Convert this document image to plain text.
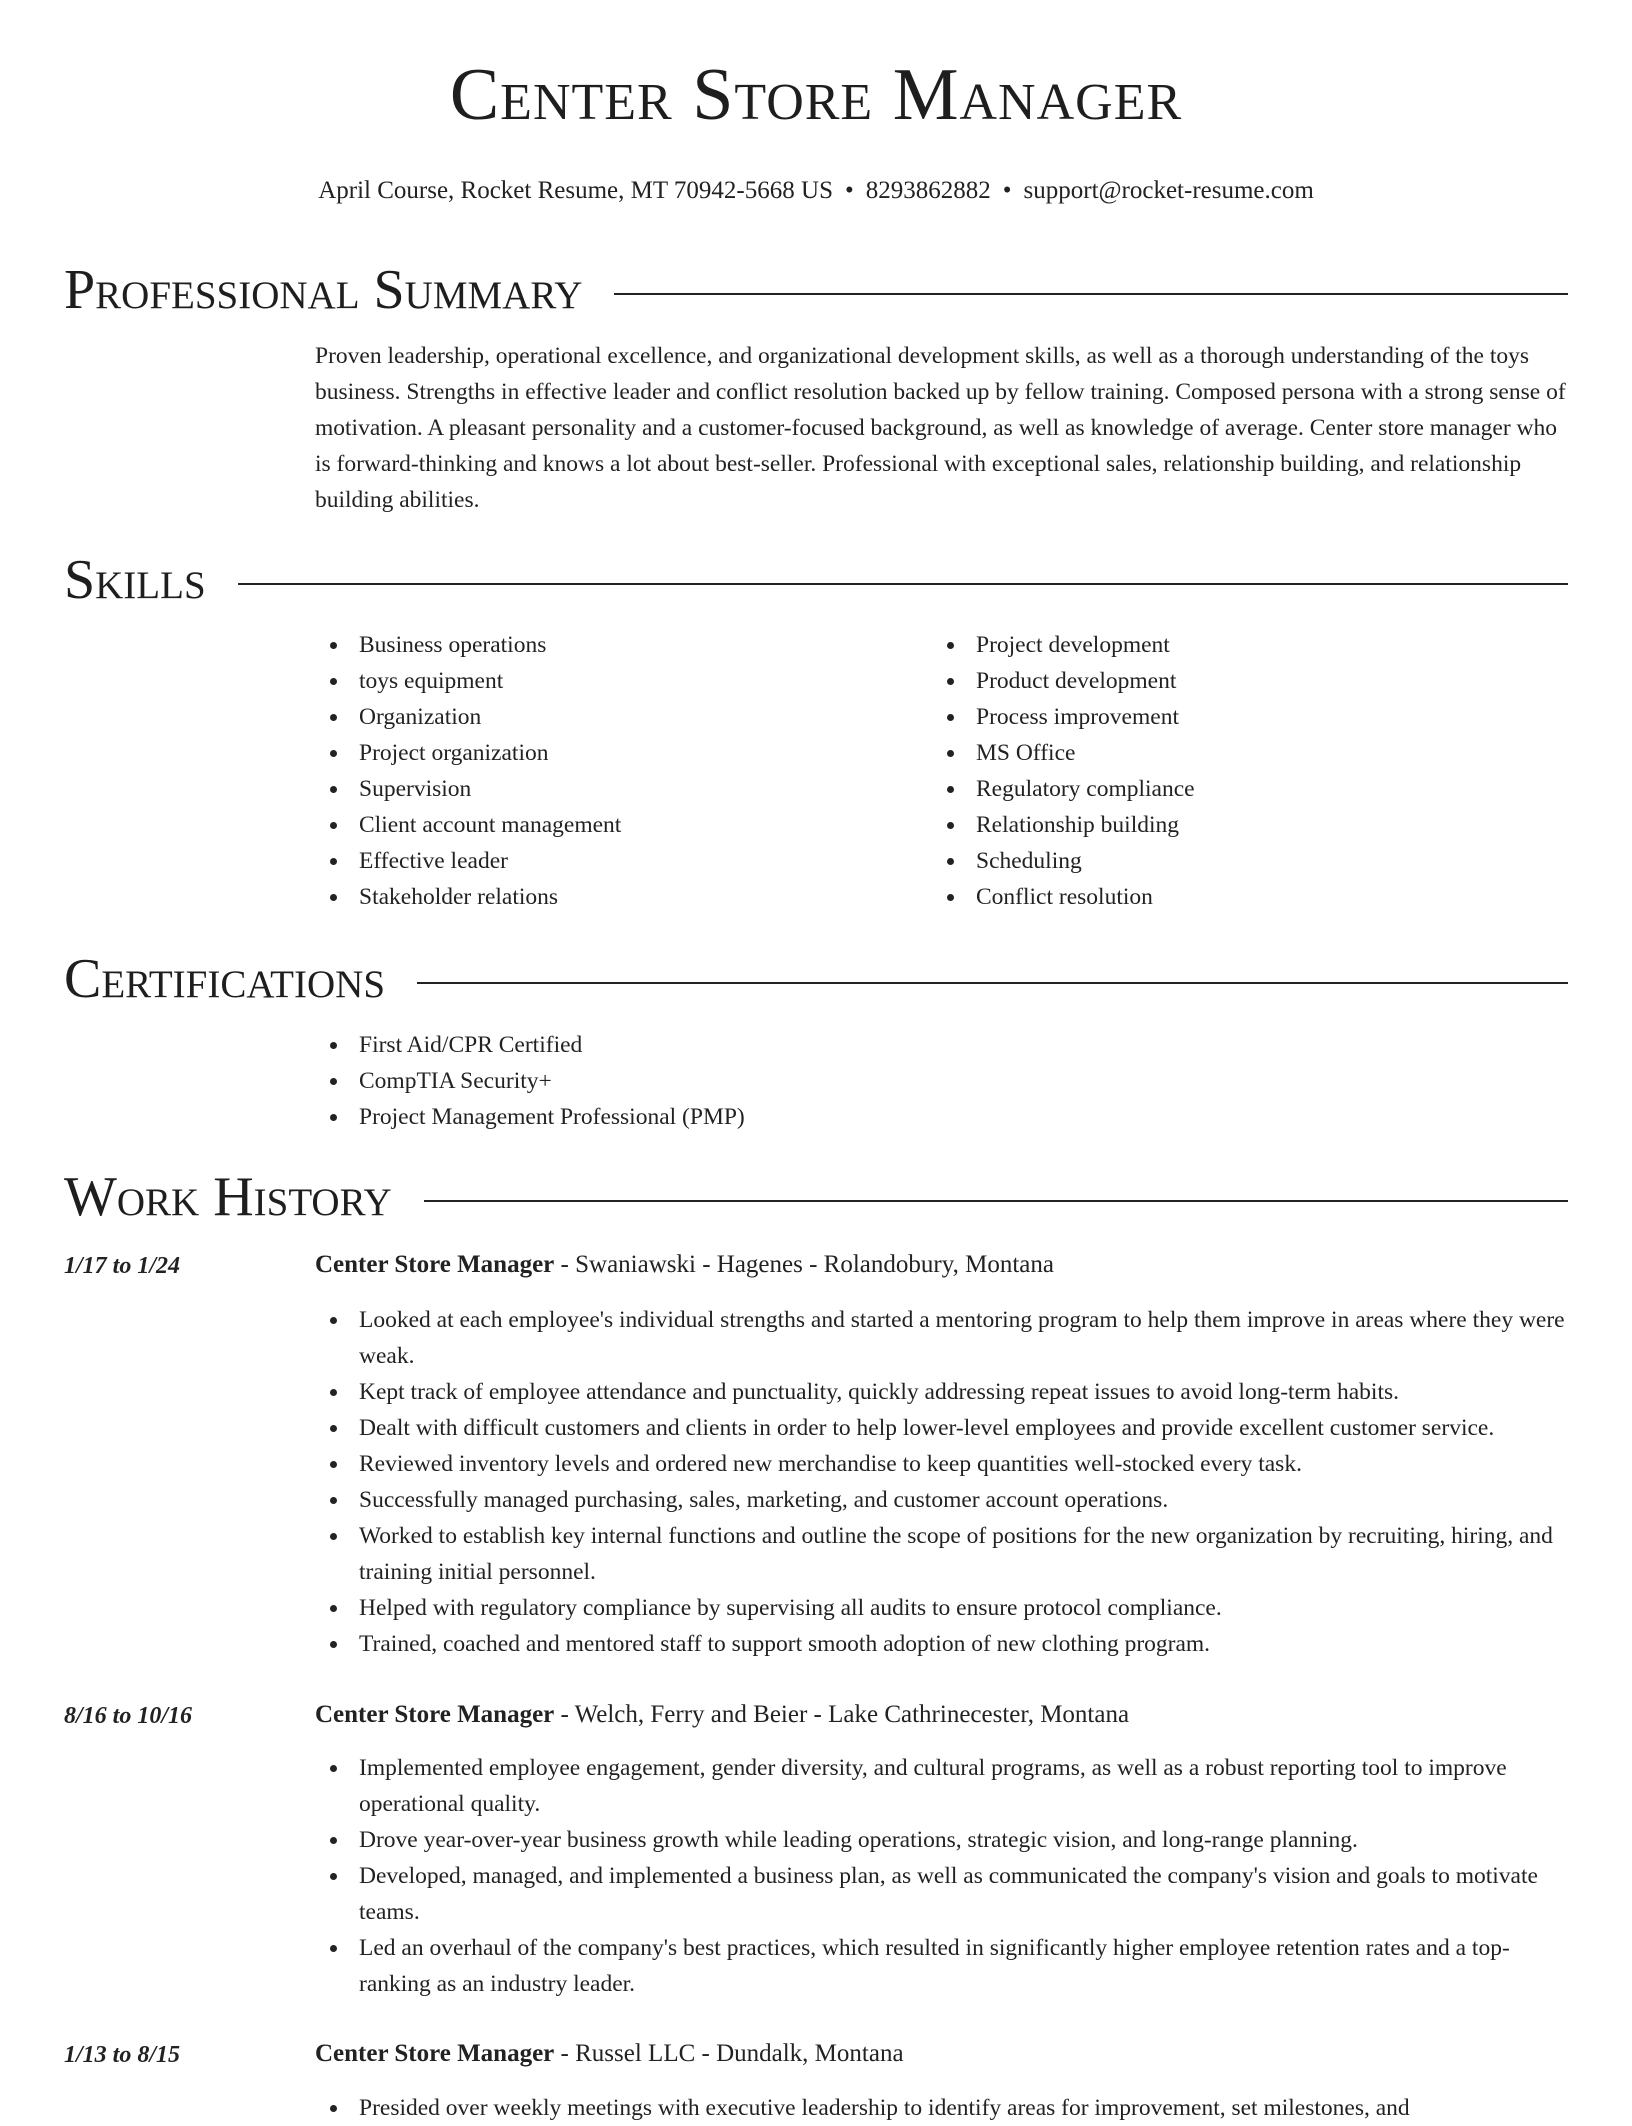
Center Store Manager
April Course, Rocket Resume, MT 70942-5668 US • 8293862882 • support@rocket-resume.com
Professional Summary

Proven leadership, operational excellence, and organizational development skills, as well as a thorough understanding of the toys business. Strengths in effective leader and conflict resolution backed up by fellow training. Composed persona with a strong sense of motivation. A pleasant personality and a customer-focused background, as well as knowledge of average. Center store manager who is forward-thinking and knows a lot about best-seller. Professional with exceptional sales, relationship building, and relationship building abilities.

Skills
Business operations
toys equipment
Organization
Project organization
Supervision
Client account management
Effective leader
Stakeholder relations
Project development
Product development
Process improvement
MS Office
Regulatory compliance
Relationship building
Scheduling
Conflict resolution
Certifications
First Aid/CPR Certified
CompTIA Security+
Project Management Professional (PMP)
Work History
1/17 to 1/24	Center Store Manager - Swaniawski - Hagenes - Rolandobury, Montana
Looked at each employee's individual strengths and started a mentoring program to help them improve in areas where they were weak.
Kept track of employee attendance and punctuality, quickly addressing repeat issues to avoid long-term habits.
Dealt with difficult customers and clients in order to help lower-level employees and provide excellent customer service.
Reviewed inventory levels and ordered new merchandise to keep quantities well-stocked every task.
Successfully managed purchasing, sales, marketing, and customer account operations.
Worked to establish key internal functions and outline the scope of positions for the new organization by recruiting, hiring, and training initial personnel.
Helped with regulatory compliance by supervising all audits to ensure protocol compliance.
Trained, coached and mentored staff to support smooth adoption of new clothing program.
8/16 to 10/16	Center Store Manager - Welch, Ferry and Beier - Lake Cathrinecester, Montana
Implemented employee engagement, gender diversity, and cultural programs, as well as a robust reporting tool to improve operational quality.
Drove year-over-year business growth while leading operations, strategic vision, and long-range planning.
Developed, managed, and implemented a business plan, as well as communicated the company's vision and goals to motivate teams.
Led an overhaul of the company's best practices, which resulted in significantly higher employee retention rates and a top-ranking as an industry leader.
1/13 to 8/15	Center Store Manager - Russel LLC - Dundalk, Montana
Presided over weekly meetings with executive leadership to identify areas for improvement, set milestones, and
